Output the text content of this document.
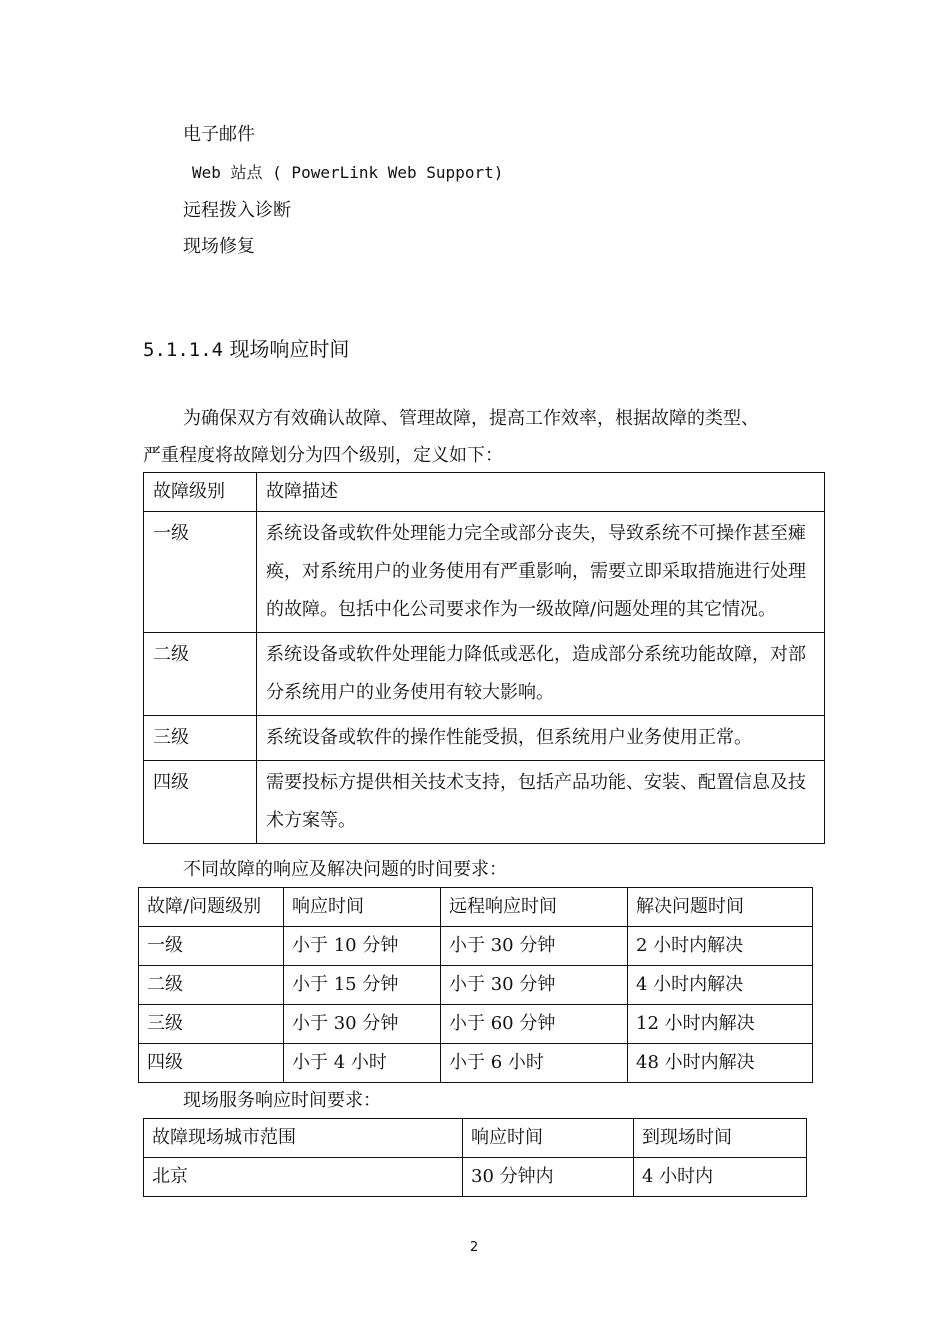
电子邮件
Web 站点 ( PowerLink Web Support)
远程拨入诊断
现场修复
5.1.1.4 现场响应时间
为确保双方有效确认故障、管理故障，提高工作效率，根据故障的类型、
严重程度将故障划分为四个级别，定义如下：
故障级别	故障描述
一级	系统设备或软件处理能力完全或部分丧失，导致系统不可操作甚至瘫痪，对系统用户的业务使用有严重影响，需要立即采取措施进行处理的故障。包括中化公司要求作为一级故障/问题处理的其它情况。
二级	系统设备或软件处理能力降低或恶化，造成部分系统功能故障，对部分系统用户的业务使用有较大影响。
三级	系统设备或软件的操作性能受损，但系统用户业务使用正常。
四级	需要投标方提供相关技术支持，包括产品功能、安装、配置信息及技术方案等。
不同故障的响应及解决问题的时间要求：
故障/问题级别	响应时间	远程响应时间	解决问题时间
一级	小于 10 分钟	小于 30 分钟	2 小时内解决
二级	小于 15 分钟	小于 30 分钟	4 小时内解决
三级	小于 30 分钟	小于 60 分钟	12 小时内解决
四级	小于 4 小时	小于 6 小时	48 小时内解决
现场服务响应时间要求：
故障现场城市范围	响应时间	到现场时间
北京	30 分钟内	4 小时内
2
